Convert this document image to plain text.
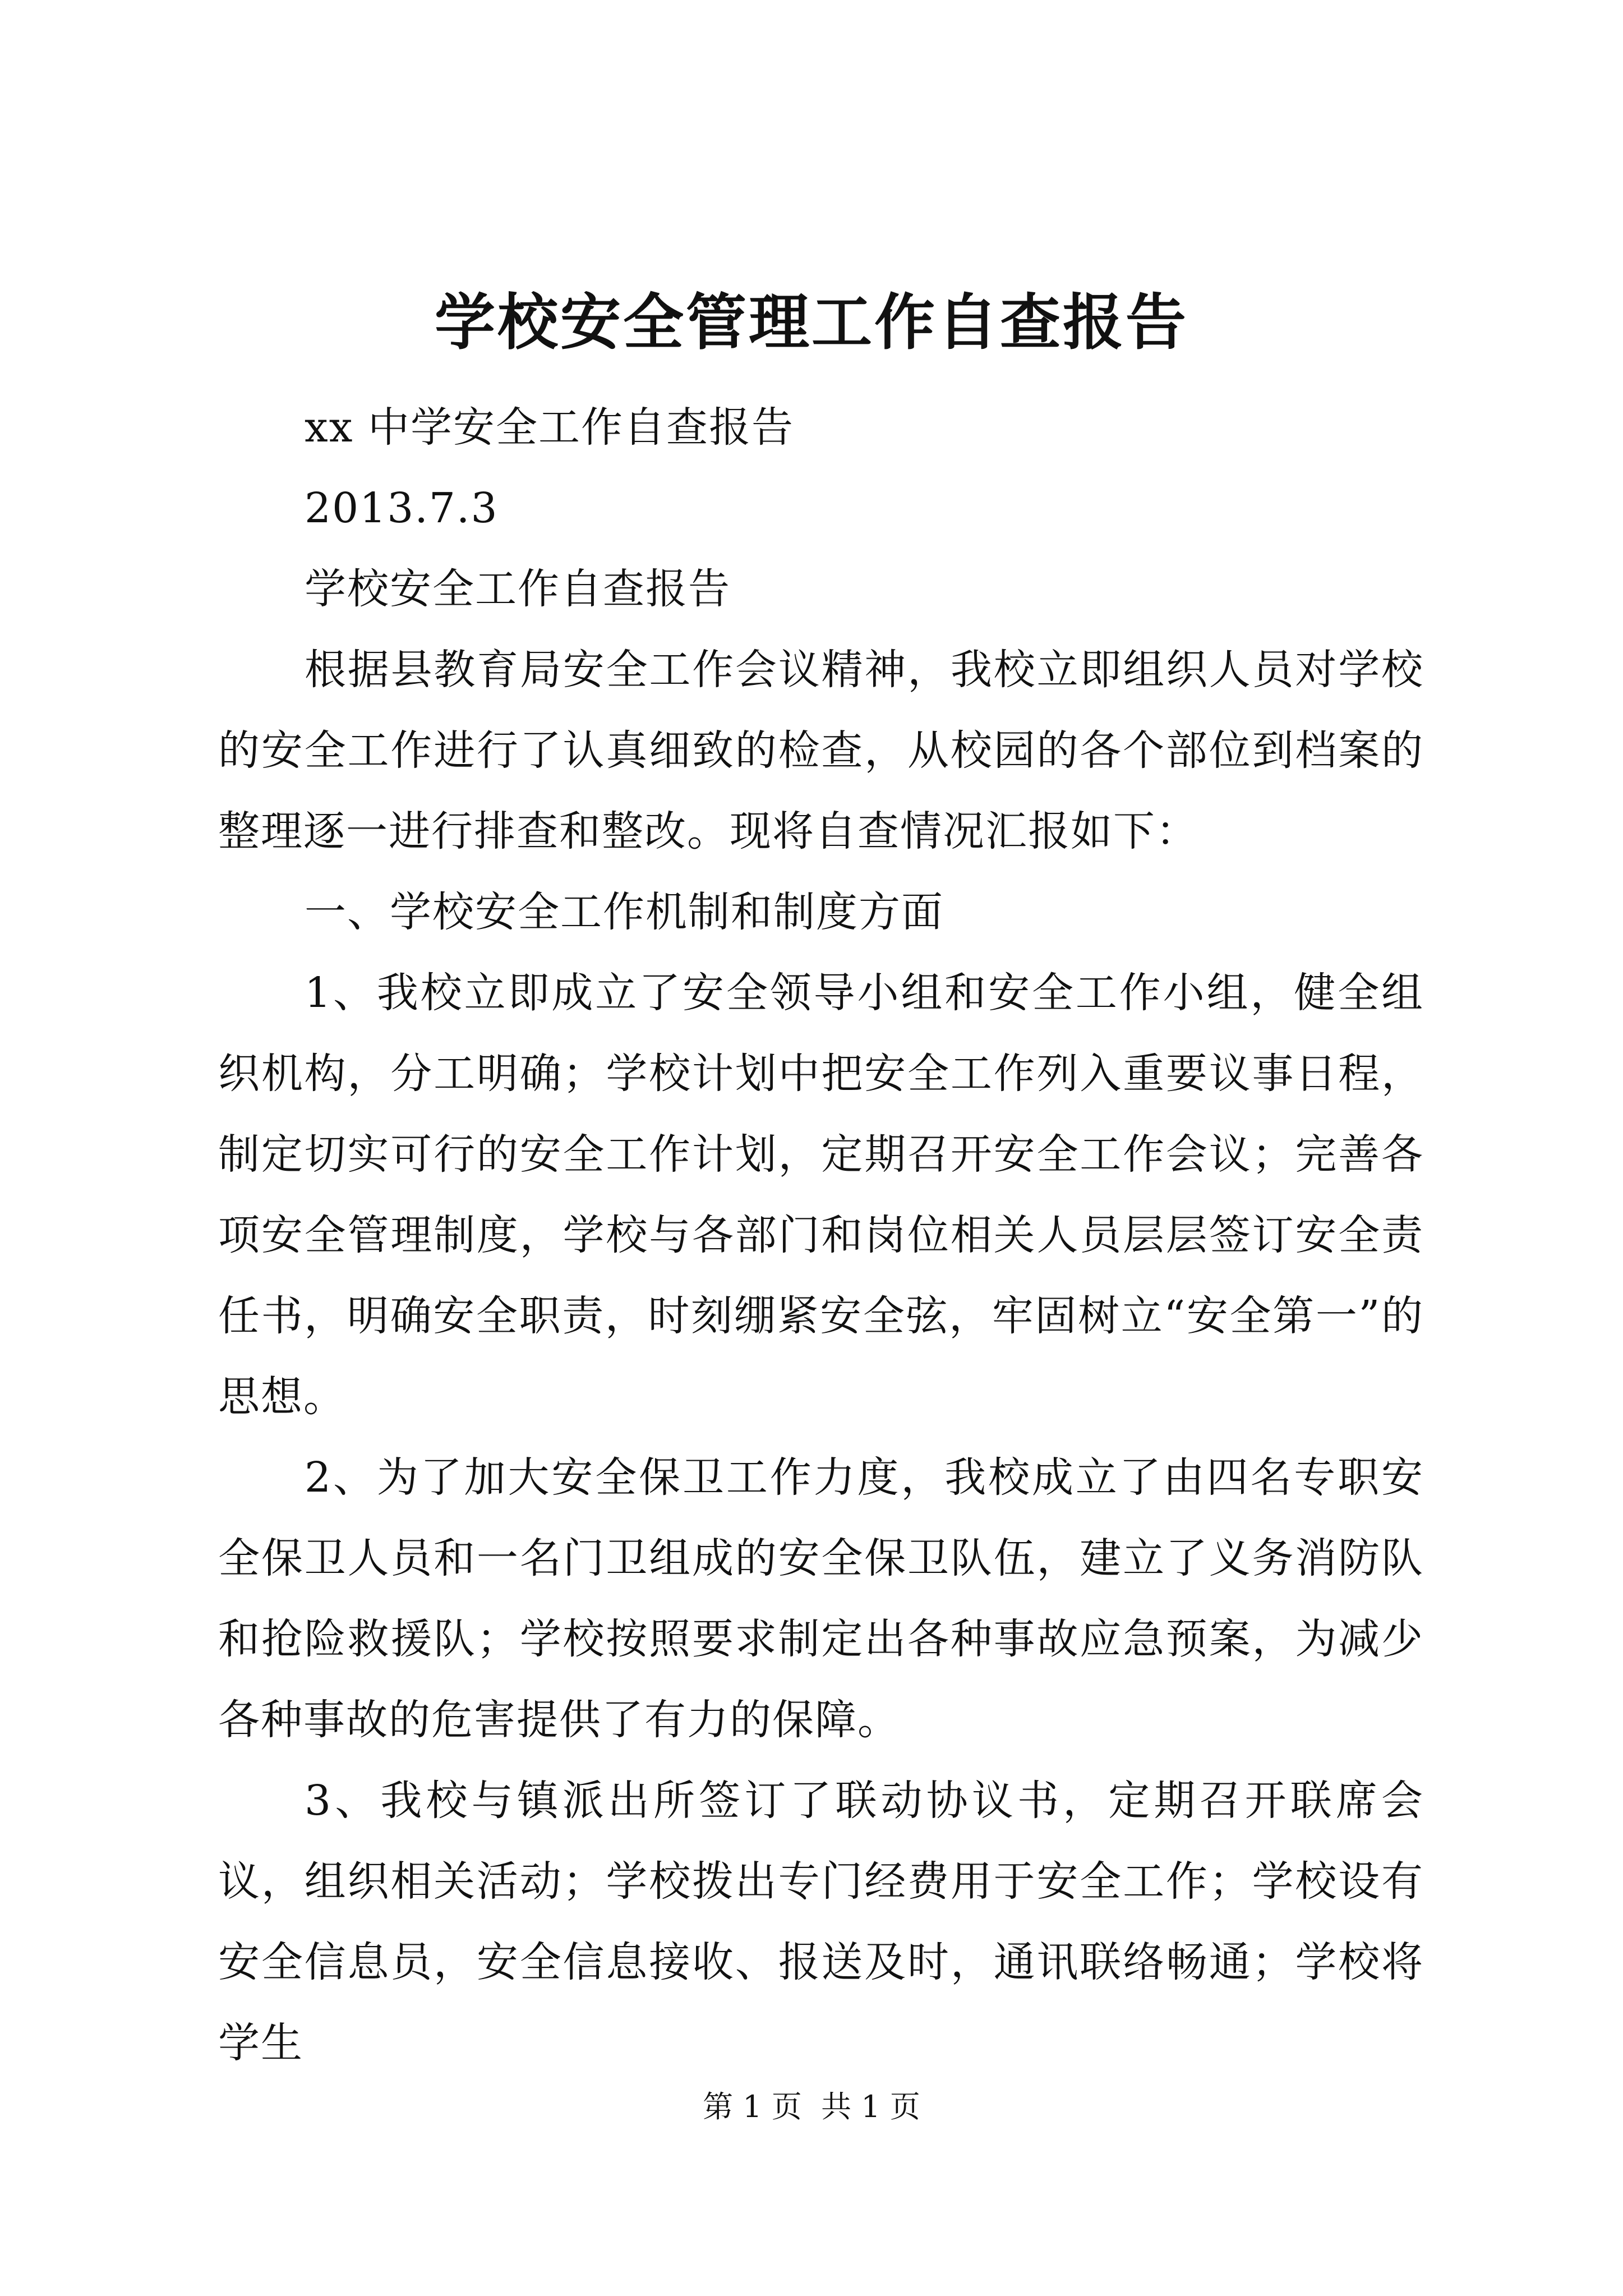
学校安全管理工作自查报告

xx 中学安全工作自查报告

2013.7.3

学校安全工作自查报告

根据县教育局安全工作会议精神，我校立即组织人员对学校的安全工作进行了认真细致的检查，从校园的各个部位到档案的整理逐一进行排查和整改。现将自查情况汇报如下：

一、学校安全工作机制和制度方面

1、我校立即成立了安全领导小组和安全工作小组，健全组织机构，分工明确；学校计划中把安全工作列入重要议事日程，制定切实可行的安全工作计划，定期召开安全工作会议；完善各项安全管理制度，学校与各部门和岗位相关人员层层签订安全责任书，明确安全职责，时刻绷紧安全弦，牢固树立“安全第一”的思想。

2、为了加大安全保卫工作力度，我校成立了由四名专职安全保卫人员和一名门卫组成的安全保卫队伍，建立了义务消防队和抢险救援队；学校按照要求制定出各种事故应急预案，为减少各种事故的危害提供了有力的保障。

3、我校与镇派出所签订了联动协议书，定期召开联席会议，组织相关活动；学校拨出专门经费用于安全工作；学校设有安全信息员，安全信息接收、报送及时，通讯联络畅通；学校将学生

第 1 页  共 1 页
